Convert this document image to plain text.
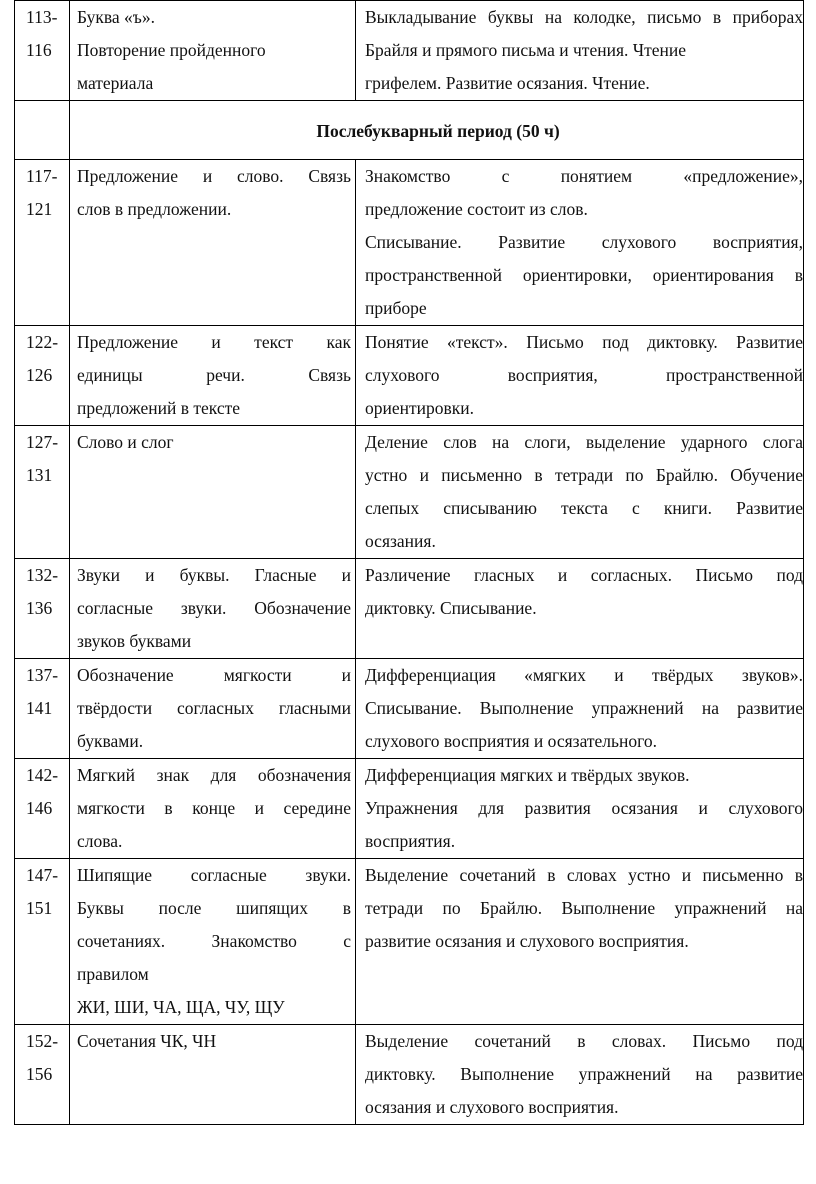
113-
116	Буква «ъ».
Повторение пройденного
материала	Выкладывание буквы на колодке, письмо в приборах
Брайля и прямого письма и чтения. Чтение
грифелем. Развитие осязания. Чтение.

	Послебукварный период (50 ч)	

117-
121	Предложение и слово. Связь
слов в предложении.	Знакомство с понятием «предложение»,
предложение состоит из слов.
Списывание. Развитие слухового восприятия,
пространственной ориентировки, ориентирования в
приборе

122-
126	Предложение и текст как
единицы речи. Связь
предложений в тексте	Понятие «текст». Письмо под диктовку. Развитие
слухового восприятия, пространственной
ориентировки.

127-
131	Слово и слог	Деление слов на слоги, выделение ударного слога
устно и письменно в тетради по Брайлю. Обучение
слепых списыванию текста с книги. Развитие
осязания.

132-
136	Звуки и буквы. Гласные и
согласные звуки. Обозначение
звуков буквами	Различение гласных и согласных. Письмо под
диктовку. Списывание.

137-
141	Обозначение мягкости и
твёрдости согласных гласными
буквами.	Дифференциация «мягких и твёрдых звуков».
Списывание. Выполнение упражнений на развитие
слухового восприятия и осязательного.

142-
146	Мягкий знак для обозначения
мягкости в конце и середине
слова.	Дифференциация мягких и твёрдых звуков.
Упражнения для развития осязания и слухового
восприятия.

147-
151	Шипящие согласные звуки.
Буквы после шипящих в
сочетаниях. Знакомство с
правилом
ЖИ, ШИ, ЧА, ЩА, ЧУ, ЩУ	Выделение сочетаний в словах устно и письменно в
тетради по Брайлю. Выполнение упражнений на
развитие осязания и слухового восприятия.

152-
156	Сочетания ЧК, ЧН	Выделение сочетаний в словах. Письмо под
диктовку. Выполнение упражнений на развитие
осязания и слухового восприятия.
